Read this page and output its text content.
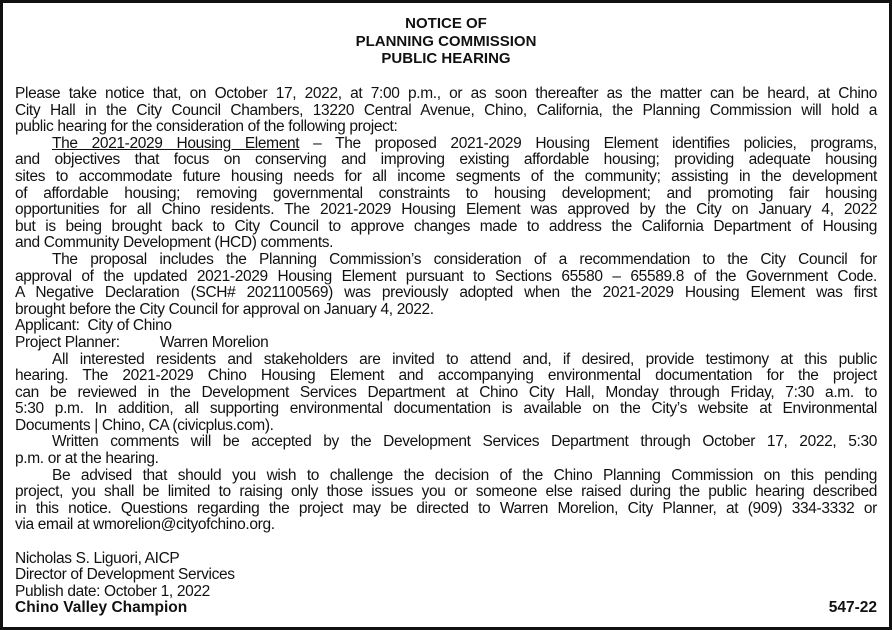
NOTICE OF
PLANNING COMMISSION
PUBLIC HEARING
Please take notice that, on October 17, 2022, at 7:00 p.m., or as soon thereafter as the matter can be heard, at Chino
City Hall in the City Council Chambers, 13220 Central Avenue, Chino, California, the Planning Commission will hold a
public hearing for the consideration of the following project:
The 2021-2029 Housing Element – The proposed 2021-2029 Housing Element identifies policies, programs,
and objectives that focus on conserving and improving existing affordable housing; providing adequate housing
sites to accommodate future housing needs for all income segments of the community; assisting in the development
of affordable housing; removing governmental constraints to housing development; and promoting fair housing
opportunities for all Chino residents. The 2021-2029 Housing Element was approved by the City on January 4, 2022
but is being brought back to City Council to approve changes made to address the California Department of Housing
and Community Development (HCD) comments.
The proposal includes the Planning Commission’s consideration of a recommendation to the City Council for
approval of the updated 2021-2029 Housing Element pursuant to Sections 65580 – 65589.8 of the Government Code.
A Negative Declaration (SCH# 2021100569) was previously adopted when the 2021-2029 Housing Element was first
brought before the City Council for approval on January 4, 2022.
Applicant: City of Chino
Project Planner:	Warren Morelion
All interested residents and stakeholders are invited to attend and, if desired, provide testimony at this public
hearing. The 2021-2029 Chino Housing Element and accompanying environmental documentation for the project
can be reviewed in the Development Services Department at Chino City Hall, Monday through Friday, 7:30 a.m. to
5:30 p.m. In addition, all supporting environmental documentation is available on the City’s website at Environmental
Documents | Chino, CA (civicplus.com).
Written comments will be accepted by the Development Services Department through October 17, 2022, 5:30
p.m. or at the hearing.
Be advised that should you wish to challenge the decision of the Chino Planning Commission on this pending
project, you shall be limited to raising only those issues you or someone else raised during the public hearing described
in this notice. Questions regarding the project may be directed to Warren Morelion, City Planner, at (909) 334-3332 or
via email at wmorelion@cityofchino.org.
Nicholas S. Liguori, AICP
Director of Development Services
Publish date: October 1, 2022
Chino Valley Champion	547-22
